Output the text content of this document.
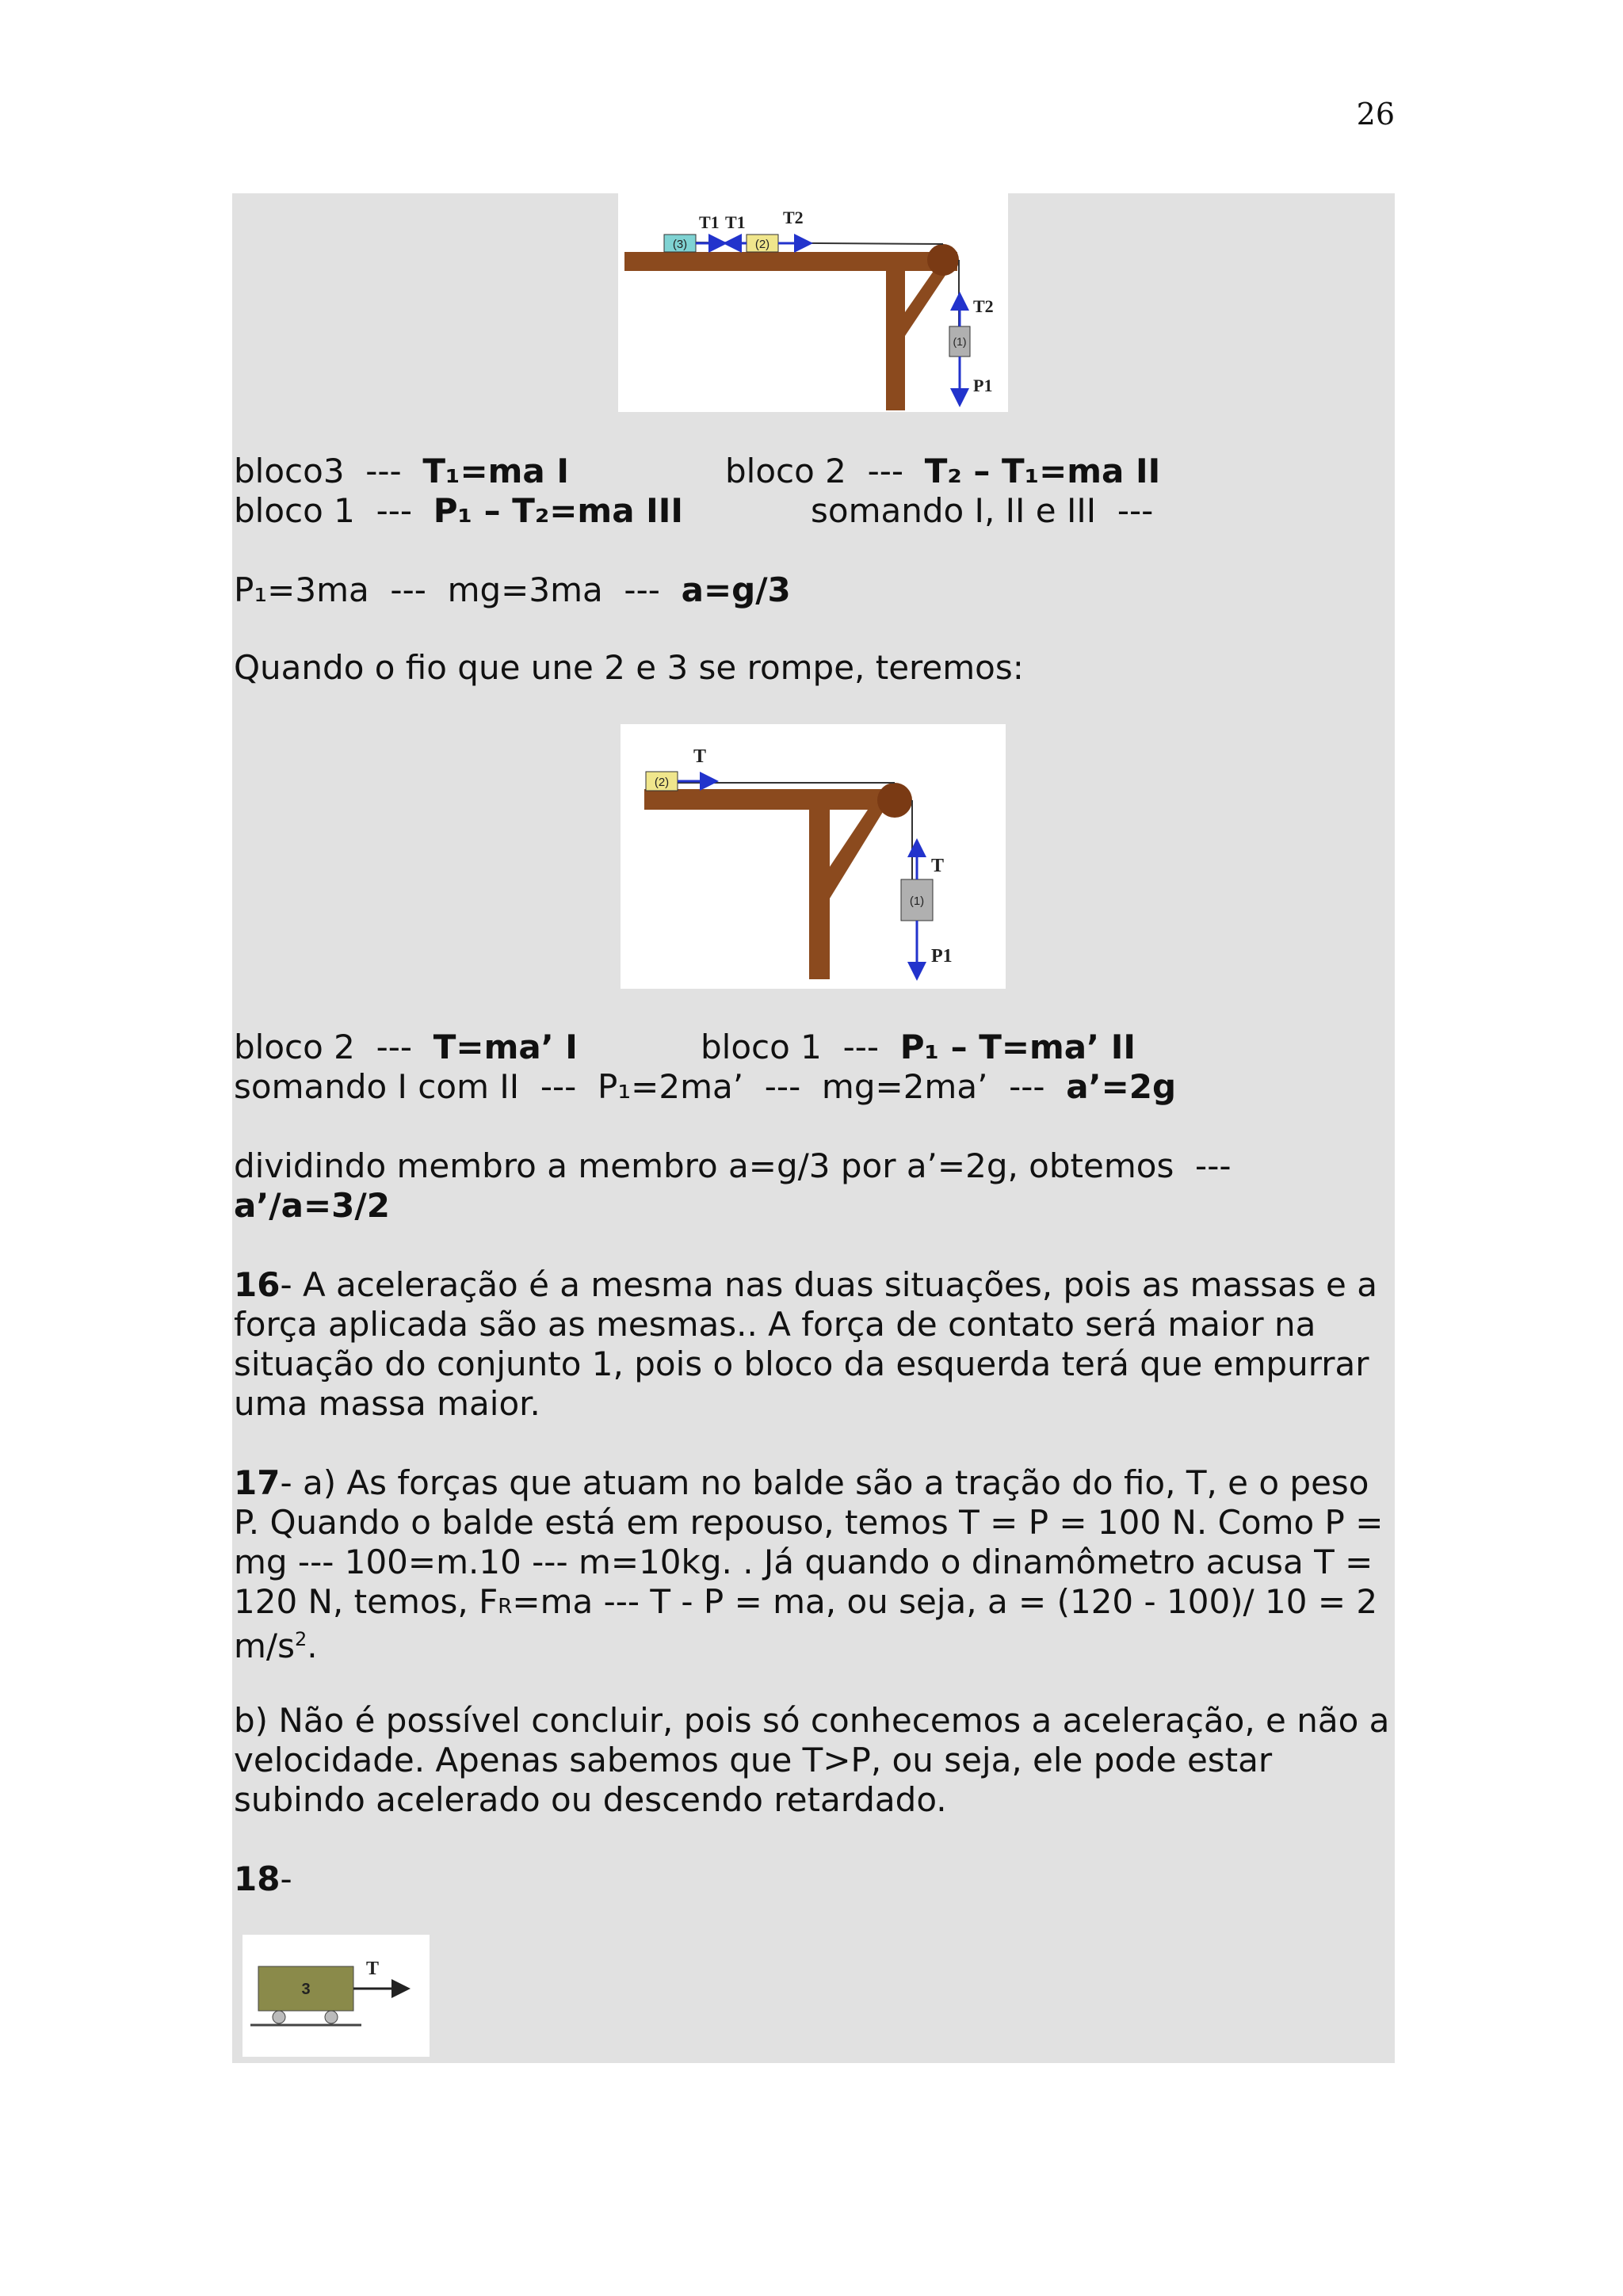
26
(3)	(2)
T1 T1 T2
(1)
T2
P1
bloco3  ---  T₁=ma I	bloco 2  ---  T₂ – T₁=ma II
bloco 1  ---  P₁ – T₂=ma III	somando I, II e III  ---
P₁=3ma  ---  mg=3ma  ---  a=g/3
Quando o fio que une 2 e 3 se rompe, teremos:
(2)
T
(1)
T
P1
bloco 2  ---  T=ma’ I	bloco 1  ---  P₁ – T=ma’ II
somando I com II  ---  P₁=2ma’  ---  mg=2ma’  ---  a’=2g
dividindo membro a membro a=g/3 por a’=2g, obtemos  ---
a’/a=3/2
16- A aceleração é a mesma nas duas situações, pois as massas e a força aplicada são as mesmas.. A força de contato será maior na situação do conjunto 1, pois o bloco da esquerda terá que empurrar uma massa maior.
17- a) As forças que atuam no balde são a tração do fio, T, e o peso P. Quando o balde está em repouso, temos T = P = 100 N. Como P = mg --- 100=m.10 --- m=10kg. . Já quando o dinamômetro acusa T = 120 N, temos, FR=ma --- T - P = ma, ou seja, a = (120 - 100)/ 10 = 2 $m/s^2$.
b) Não é possível concluir, pois só conhecemos a aceleração, e não a velocidade. Apenas sabemos que T>P, ou seja, ele pode estar subindo acelerado ou descendo retardado.
18-
3
T
